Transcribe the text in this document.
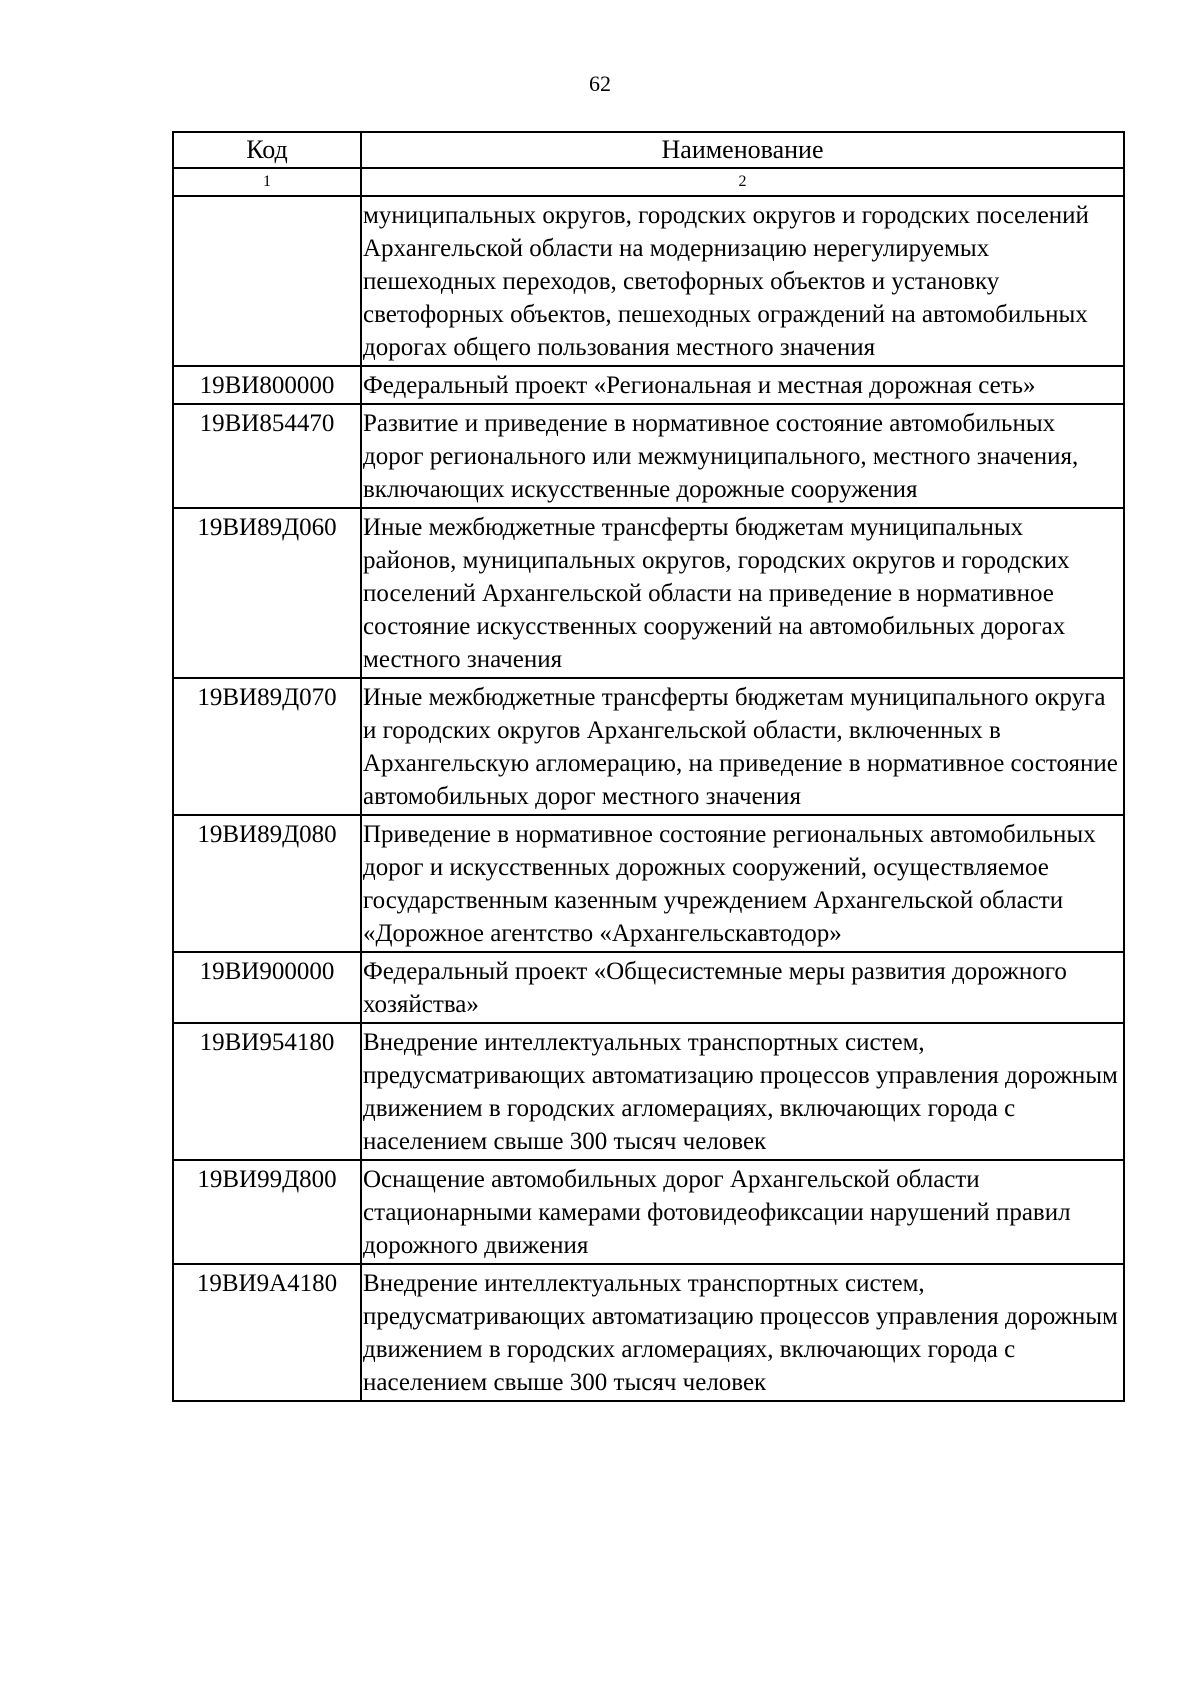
62
Код	Наименование
1	2
	муниципальных округов, городских округов и городских поселений Архангельской области на модернизацию нерегулируемых пешеходных переходов, светофорных объектов и установку светофорных объектов, пешеходных ограждений на автомобильных дорогах общего пользования местного значения
19ВИ800000	Федеральный проект «Региональная и местная дорожная сеть»
19ВИ854470	Развитие и приведение в нормативное состояние автомобильных дорог регионального или межмуниципального, местного значения, включающих искусственные дорожные сооружения
19ВИ89Д060	Иные межбюджетные трансферты бюджетам муниципальных районов, муниципальных округов, городских округов и городских поселений Архангельской области на приведение в нормативное состояние искусственных сооружений на автомобильных дорогах местного значения
19ВИ89Д070	Иные межбюджетные трансферты бюджетам муниципального округа и городских округов Архангельской области, включенных в Архангельскую агломерацию, на приведение в нормативное состояние автомобильных дорог местного значения
19ВИ89Д080	Приведение в нормативное состояние региональных автомобильных дорог и искусственных дорожных сооружений, осуществляемое государственным казенным учреждением Архангельской области «Дорожное агентство «Архангельскавтодор»
19ВИ900000	Федеральный проект «Общесистемные меры развития дорожного хозяйства»
19ВИ954180	Внедрение интеллектуальных транспортных систем, предусматривающих автоматизацию процессов управления дорожным движением в городских агломерациях, включающих города с населением свыше 300 тысяч человек
19ВИ99Д800	Оснащение автомобильных дорог Архангельской области стационарными камерами фотовидеофиксации нарушений правил дорожного движения
19ВИ9А4180	Внедрение интеллектуальных транспортных систем, предусматривающих автоматизацию процессов управления дорожным движением в городских агломерациях, включающих города с населением свыше 300 тысяч человек
